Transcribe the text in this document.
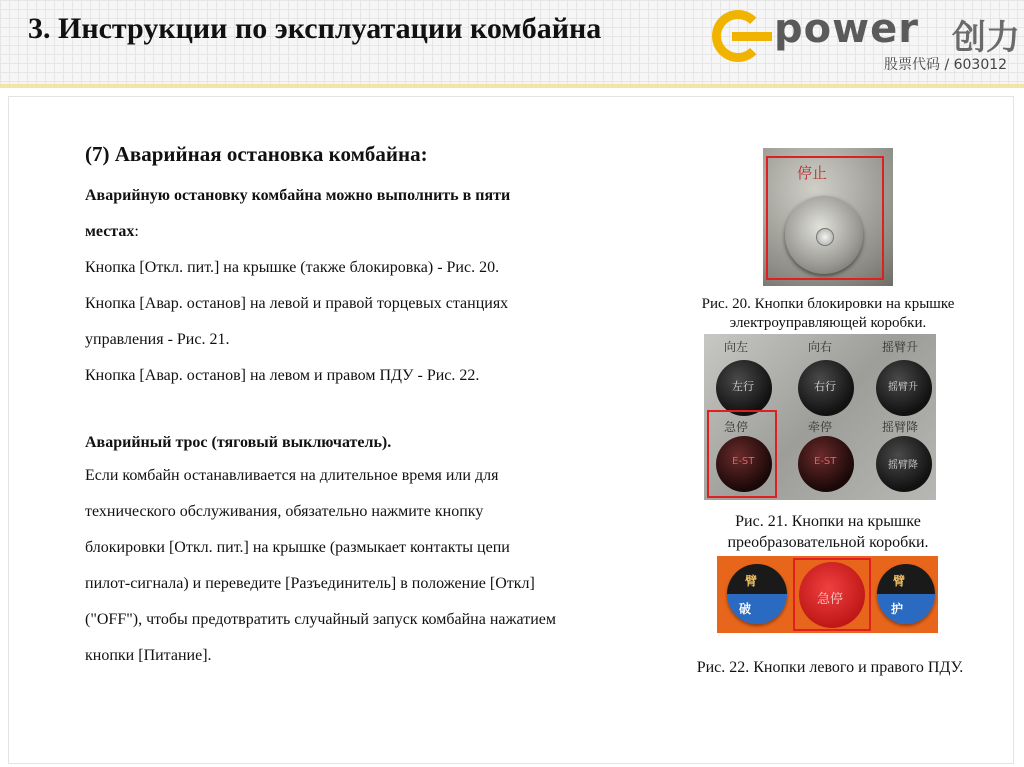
3. Инструкции по эксплуатации комбайна	power 创力
股票代码 / 603012
(7) Аварийная остановка комбайна:
Аварийную остановку комбайна можно выполнить в пяти
местах:
Кнопка [Откл. пит.] на крышке (также блокировка) - Рис. 20.
Кнопка [Авар. останов] на левой и правой торцевых станциях
управления - Рис. 21.
Кнопка [Авар. останов] на левом и правом ПДУ - Рис. 22.
Аварийный трос (тяговый выключатель).
Если комбайн останавливается на длительное время или для
технического обслуживания, обязательно нажмите кнопку
блокировки [Откл. пит.] на крышке (размыкает контакты цепи
пилот-сигнала) и переведите [Разъединитель] в положение [Откл]
("OFF"), чтобы предотвратить случайный запуск комбайна нажатием
кнопки [Питание].
停止
Рис. 20. Кнопки блокировки на крышке
электроуправляющей коробки.
向左	向右	摇臂升
左行	右行	摇臂升
急停	牵停	摇臂降
E-ST	E-ST	摇臂降
Рис. 21. Кнопки на крышке
преобразовательной коробки.
臂
破
急停
臂
护
Рис. 22. Кнопки левого и правого ПДУ.
